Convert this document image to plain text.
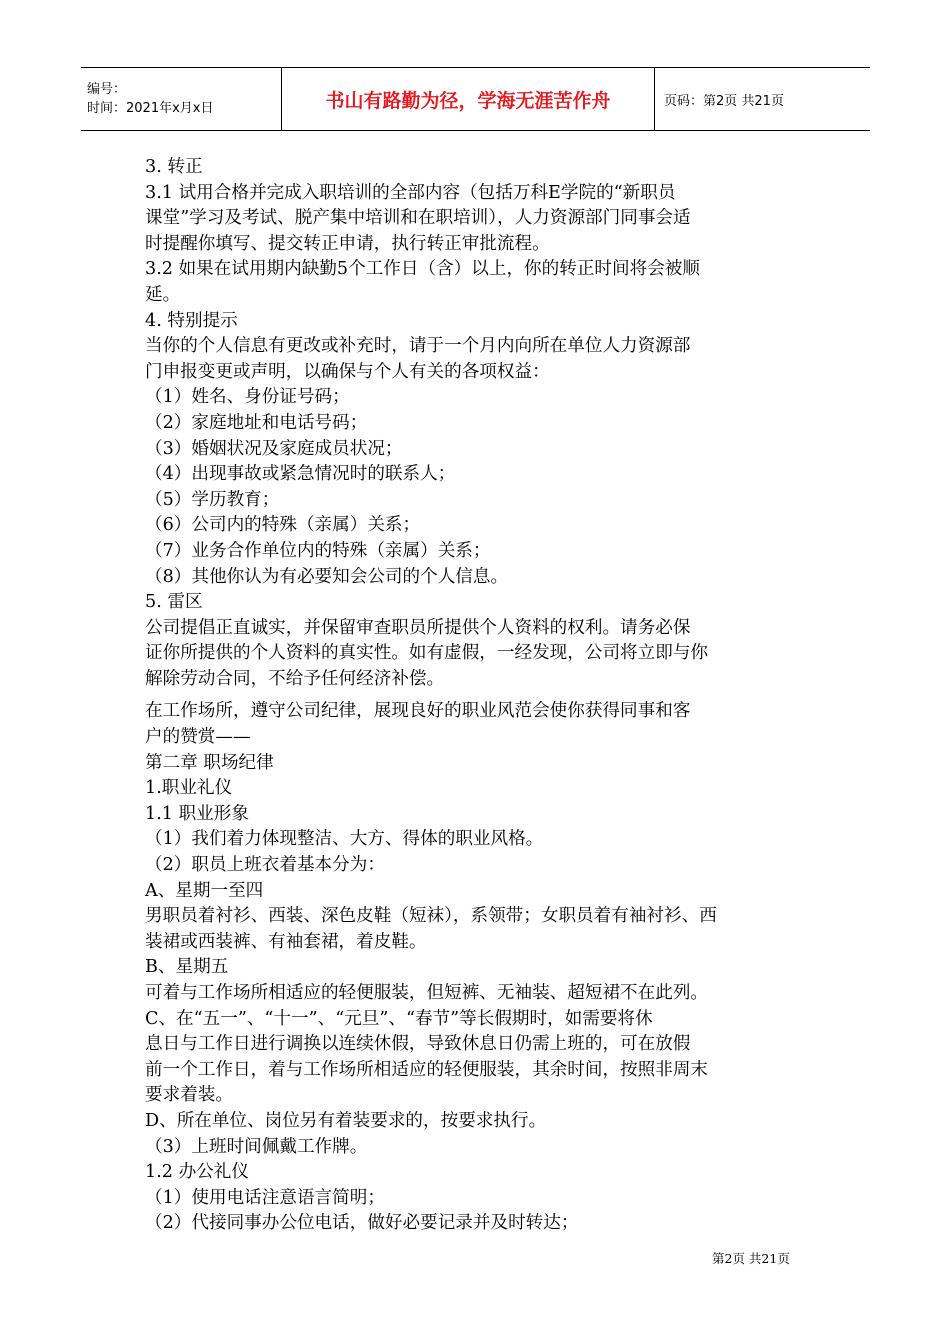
编号：
时间：2021年x月x日	书山有路勤为径，学海无涯苦作舟	页码：第2页 共21页
3. 转正
3.1 试用合格并完成入职培训的全部内容（包括万科E学院的“新职员
课堂”学习及考试、脱产集中培训和在职培训），人力资源部门同事会适
时提醒你填写、提交转正申请，执行转正审批流程。
3.2 如果在试用期内缺勤5个工作日（含）以上，你的转正时间将会被顺
延。
4. 特别提示
当你的个人信息有更改或补充时，请于一个月内向所在单位人力资源部
门申报变更或声明，以确保与个人有关的各项权益：
（1）姓名、身份证号码；
（2）家庭地址和电话号码；
（3）婚姻状况及家庭成员状况；
（4）出现事故或紧急情况时的联系人；
（5）学历教育；
（6）公司内的特殊（亲属）关系；
（7）业务合作单位内的特殊（亲属）关系；
（8）其他你认为有必要知会公司的个人信息。
5. 雷区
公司提倡正直诚实，并保留审查职员所提供个人资料的权利。请务必保
证你所提供的个人资料的真实性。如有虚假，一经发现，公司将立即与你
解除劳动合同，不给予任何经济补偿。
在工作场所，遵守公司纪律，展现良好的职业风范会使你获得同事和客
户的赞赏——
第二章 职场纪律
1.职业礼仪
1.1 职业形象
（1）我们着力体现整洁、大方、得体的职业风格。
（2）职员上班衣着基本分为：
A、星期一至四
男职员着衬衫、西装、深色皮鞋（短袜），系领带；女职员着有袖衬衫、西
装裙或西装裤、有袖套裙，着皮鞋。
B、星期五
可着与工作场所相适应的轻便服装，但短裤、无袖装、超短裙不在此列。
C、在“五一”、“十一”、“元旦”、“春节”等长假期时，如需要将休
息日与工作日进行调换以连续休假，导致休息日仍需上班的，可在放假
前一个工作日，着与工作场所相适应的轻便服装，其余时间，按照非周末
要求着装。
D、所在单位、岗位另有着装要求的，按要求执行。
（3）上班时间佩戴工作牌。
1.2 办公礼仪
（1）使用电话注意语言简明；
（2）代接同事办公位电话，做好必要记录并及时转达；
第2页 共21页
